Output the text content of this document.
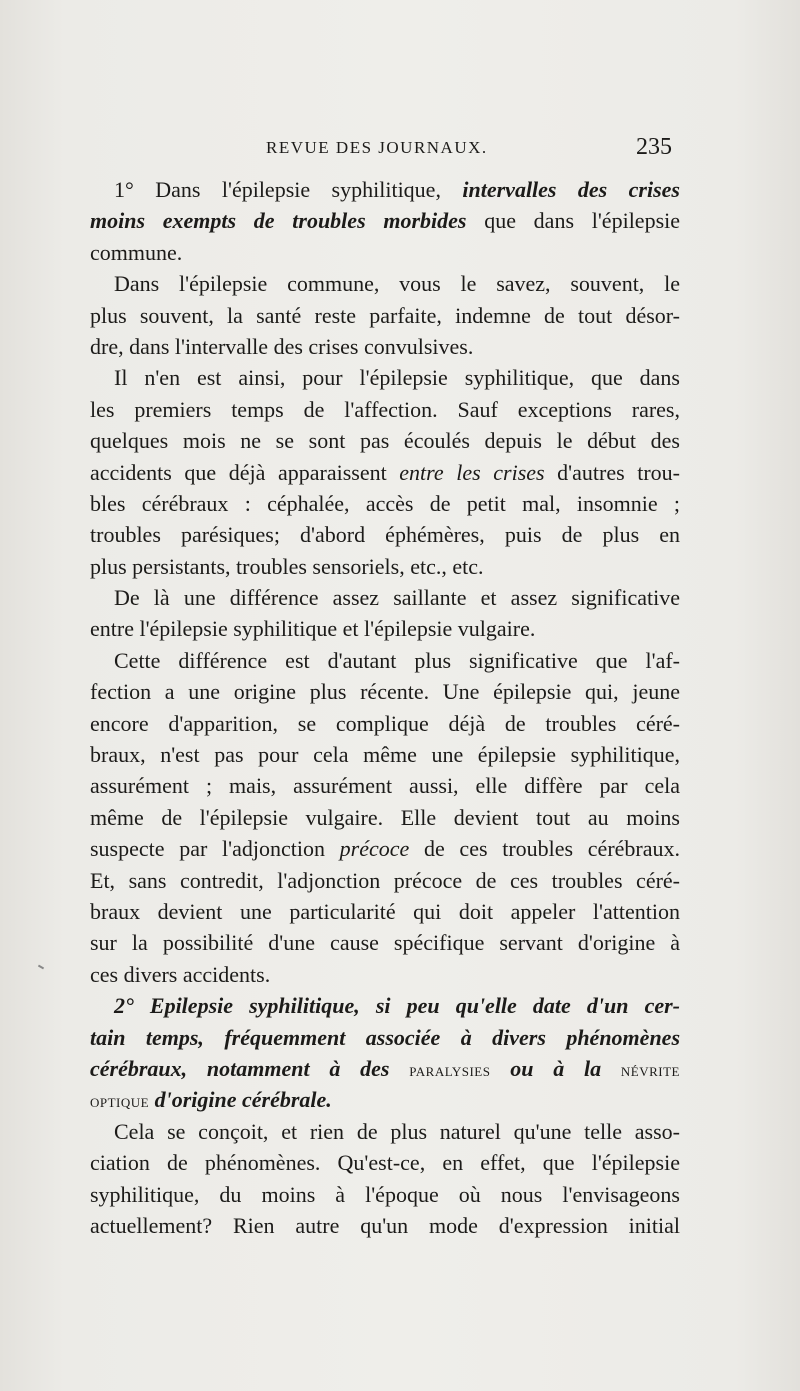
REVUE DES JOURNAUX.	235
1° Dans l'épilepsie syphilitique, intervalles des crises
moins exempts de troubles morbides que dans l'épilepsie
commune.
Dans l'épilepsie commune, vous le savez, souvent, le
plus souvent, la santé reste parfaite, indemne de tout désor-
dre, dans l'intervalle des crises convulsives.
Il n'en est ainsi, pour l'épilepsie syphilitique, que dans
les premiers temps de l'affection. Sauf exceptions rares,
quelques mois ne se sont pas écoulés depuis le début des
accidents que déjà apparaissent entre les crises d'autres trou-
bles cérébraux : céphalée, accès de petit mal, insomnie ;
troubles parésiques; d'abord éphémères, puis de plus en
plus persistants, troubles sensoriels, etc., etc.
De là une différence assez saillante et assez significative
entre l'épilepsie syphilitique et l'épilepsie vulgaire.
Cette différence est d'autant plus significative que l'af-
fection a une origine plus récente. Une épilepsie qui, jeune
encore d'apparition, se complique déjà de troubles céré-
braux, n'est pas pour cela même une épilepsie syphilitique,
assurément ; mais, assurément aussi, elle diffère par cela
même de l'épilepsie vulgaire. Elle devient tout au moins
suspecte par l'adjonction précoce de ces troubles cérébraux.
Et, sans contredit, l'adjonction précoce de ces troubles céré-
braux devient une particularité qui doit appeler l'attention
sur la possibilité d'une cause spécifique servant d'origine à
ces divers accidents.
2° Epilepsie syphilitique, si peu qu'elle date d'un cer-
tain temps, fréquemment associée à divers phénomènes
cérébraux, notamment à des paralysies ou à la névrite
optique d'origine cérébrale.
Cela se conçoit, et rien de plus naturel qu'une telle asso-
ciation de phénomènes. Qu'est-ce, en effet, que l'épilepsie
syphilitique, du moins à l'époque où nous l'envisageons
actuellement? Rien autre qu'un mode d'expression initial
